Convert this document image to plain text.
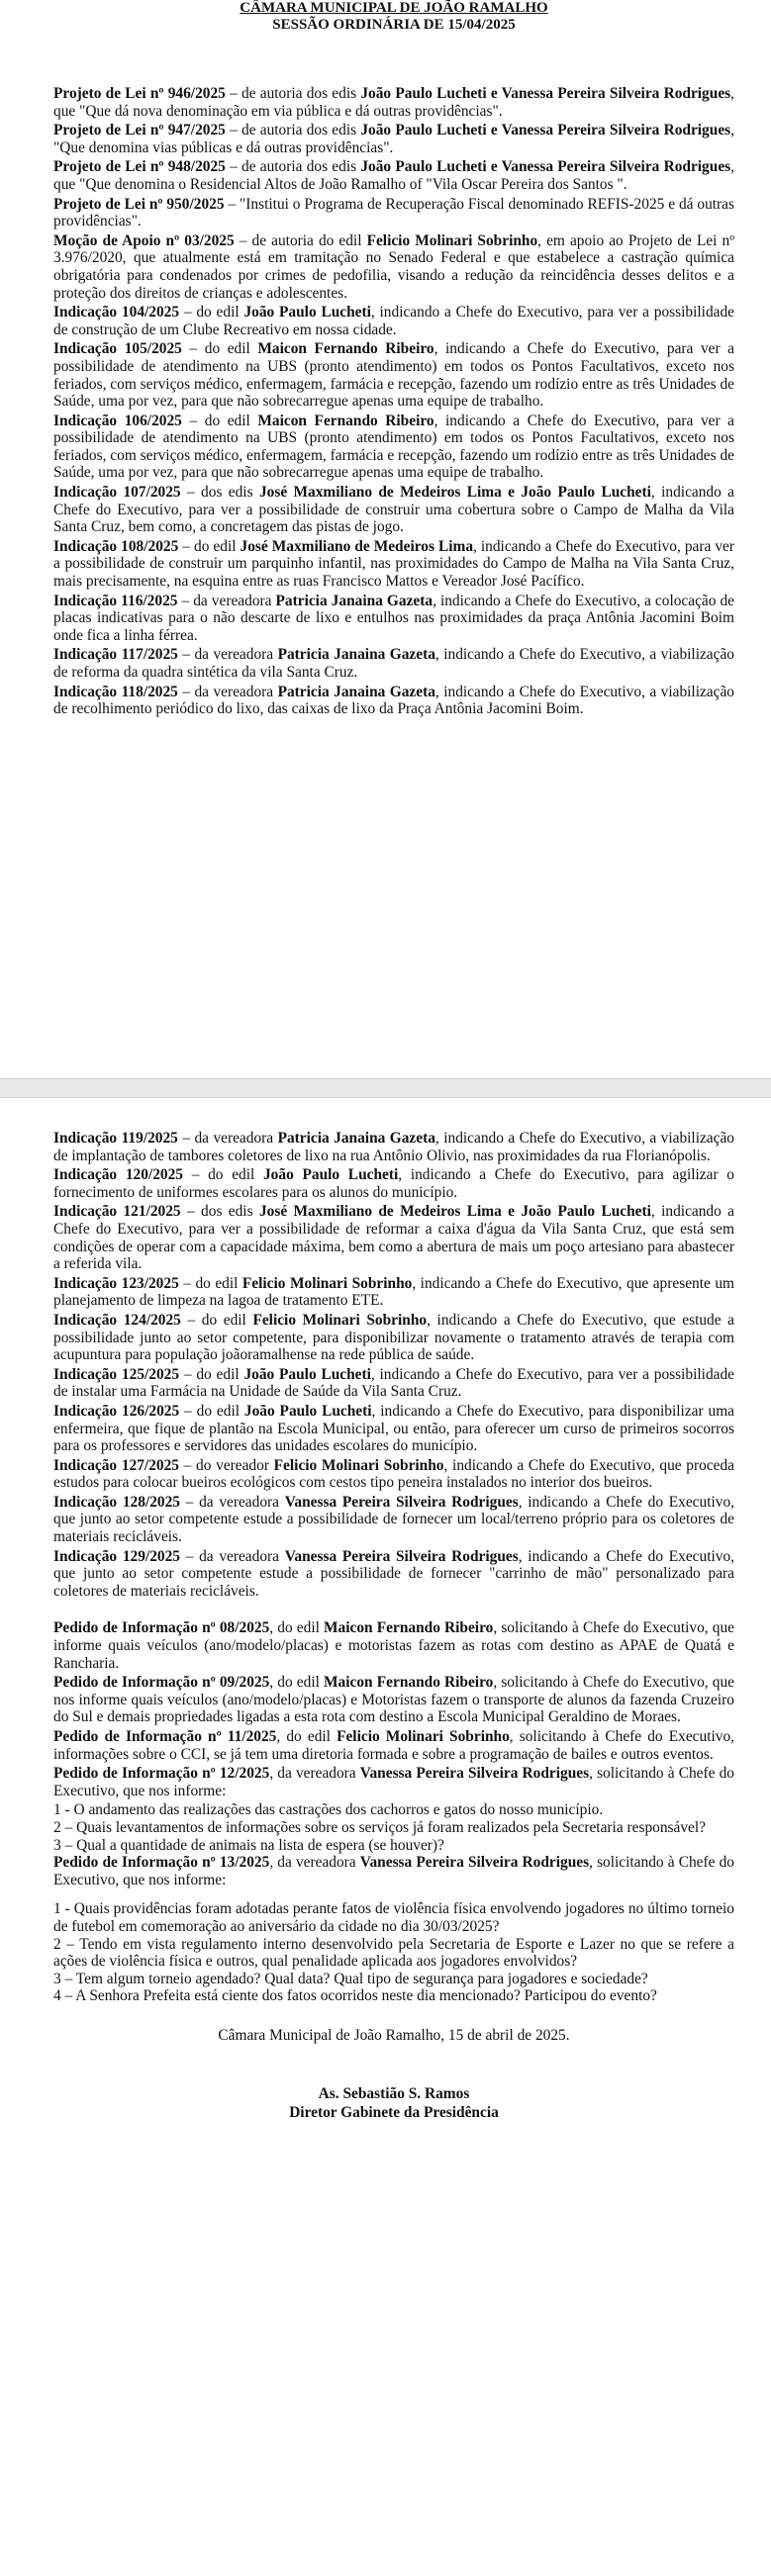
CÂMARA MUNICIPAL DE JOÃO RAMALHO
SESSÃO ORDINÁRIA DE 15/04/2025

Projeto de Lei nº 946/2025 – de autoria dos edis João Paulo Lucheti e Vanessa Pereira Silveira Rodrigues, que "Que dá nova denominação em via pública e dá outras providências".

Projeto de Lei nº 947/2025 – de autoria dos edis João Paulo Lucheti e Vanessa Pereira Silveira Rodrigues, "Que denomina vias públicas e dá outras providências".

Projeto de Lei nº 948/2025 – de autoria dos edis João Paulo Lucheti e Vanessa Pereira Silveira Rodrigues, que "Que denomina o Residencial Altos de João Ramalho of "Vila Oscar Pereira dos Santos ".

Projeto de Lei nº 950/2025 – "Institui o Programa de Recuperação Fiscal denominado REFIS-2025 e dá outras providências".

Moção de Apoio nº 03/2025 – de autoria do edil Felicio Molinari Sobrinho, em apoio ao Projeto de Lei nº 3.976/2020, que atualmente está em tramitação no Senado Federal e que estabelece a castração química obrigatória para condenados por crimes de pedofilia, visando a redução da reincidência desses delitos e a proteção dos direitos de crianças e adolescentes.

Indicação 104/2025 – do edil João Paulo Lucheti, indicando a Chefe do Executivo, para ver a possibilidade de construção de um Clube Recreativo em nossa cidade.

Indicação 105/2025 – do edil Maicon Fernando Ribeiro, indicando a Chefe do Executivo, para ver a possibilidade de atendimento na UBS (pronto atendimento) em todos os Pontos Facultativos, exceto nos feriados, com serviços médico, enfermagem, farmácia e recepção, fazendo um rodízio entre as três Unidades de Saúde, uma por vez, para que não sobrecarregue apenas uma equipe de trabalho.

Indicação 106/2025 – do edil Maicon Fernando Ribeiro, indicando a Chefe do Executivo, para ver a possibilidade de atendimento na UBS (pronto atendimento) em todos os Pontos Facultativos, exceto nos feriados, com serviços médico, enfermagem, farmácia e recepção, fazendo um rodízio entre as três Unidades de Saúde, uma por vez, para que não sobrecarregue apenas uma equipe de trabalho.

Indicação 107/2025 – dos edis José Maxmiliano de Medeiros Lima e João Paulo Lucheti, indicando a Chefe do Executivo, para ver a possibilidade de construir uma cobertura sobre o Campo de Malha da Vila Santa Cruz, bem como, a concretagem das pistas de jogo.

Indicação 108/2025 – do edil José Maxmiliano de Medeiros Lima, indicando a Chefe do Executivo, para ver a possibilidade de construir um parquinho infantil, nas proximidades do Campo de Malha na Vila Santa Cruz, mais precisamente, na esquina entre as ruas Francisco Mattos e Vereador José Pacífico.

Indicação 116/2025 – da vereadora Patricia Janaina Gazeta, indicando a Chefe do Executivo, a colocação de placas indicativas para o não descarte de lixo e entulhos nas proximidades da praça Antônia Jacomini Boim onde fica a linha férrea.

Indicação 117/2025 – da vereadora Patricia Janaina Gazeta, indicando a Chefe do Executivo, a viabilização de reforma da quadra sintética da vila Santa Cruz.

Indicação 118/2025 – da vereadora Patricia Janaina Gazeta, indicando a Chefe do Executivo, a viabilização de recolhimento periódico do lixo, das caixas de lixo da Praça Antônia Jacomini Boim.

Indicação 119/2025 – da vereadora Patricia Janaina Gazeta, indicando a Chefe do Executivo, a viabilização de implantação de tambores coletores de lixo na rua Antônio Olivio, nas proximidades da rua Florianópolis.

Indicação 120/2025 – do edil João Paulo Lucheti, indicando a Chefe do Executivo, para agilizar o fornecimento de uniformes escolares para os alunos do município.

Indicação 121/2025 – dos edis José Maxmiliano de Medeiros Lima e João Paulo Lucheti, indicando a Chefe do Executivo, para ver a possibilidade de reformar a caixa d'água da Vila Santa Cruz, que está sem condições de operar com a capacidade máxima, bem como a abertura de mais um poço artesiano para abastecer a referida vila.

Indicação 123/2025 – do edil Felicio Molinari Sobrinho, indicando a Chefe do Executivo, que apresente um planejamento de limpeza na lagoa de tratamento ETE.

Indicação 124/2025 – do edil Felicio Molinari Sobrinho, indicando a Chefe do Executivo, que estude a possibilidade junto ao setor competente, para disponibilizar novamente o tratamento através de terapia com acupuntura para população joãoramalhense na rede pública de saúde.

Indicação 125/2025 – do edil João Paulo Lucheti, indicando a Chefe do Executivo, para ver a possibilidade de instalar uma Farmácia na Unidade de Saúde da Vila Santa Cruz.

Indicação 126/2025 – do edil João Paulo Lucheti, indicando a Chefe do Executivo, para disponibilizar uma enfermeira, que fique de plantão na Escola Municipal, ou então, para oferecer um curso de primeiros socorros para os professores e servidores das unidades escolares do município.

Indicação 127/2025 – do vereador Felicio Molinari Sobrinho, indicando a Chefe do Executivo, que proceda estudos para colocar bueiros ecológicos com cestos tipo peneira instalados no interior dos bueiros.

Indicação 128/2025 – da vereadora Vanessa Pereira Silveira Rodrigues, indicando a Chefe do Executivo, que junto ao setor competente estude a possibilidade de fornecer um local/terreno próprio para os coletores de materiais recicláveis.

Indicação 129/2025 – da vereadora Vanessa Pereira Silveira Rodrigues, indicando a Chefe do Executivo, que junto ao setor competente estude a possibilidade de fornecer "carrinho de mão" personalizado para coletores de materiais recicláveis.

Pedido de Informação nº 08/2025, do edil Maicon Fernando Ribeiro, solicitando à Chefe do Executivo, que informe quais veículos (ano/modelo/placas) e motoristas fazem as rotas com destino as APAE de Quatá e Rancharia.

Pedido de Informação nº 09/2025, do edil Maicon Fernando Ribeiro, solicitando à Chefe do Executivo, que nos informe quais veículos (ano/modelo/placas) e Motoristas fazem o transporte de alunos da fazenda Cruzeiro do Sul e demais propriedades ligadas a esta rota com destino a Escola Municipal Geraldino de Moraes.

Pedido de Informação nº 11/2025, do edil Felicio Molinari Sobrinho, solicitando à Chefe do Executivo, informações sobre o CCI, se já tem uma diretoria formada e sobre a programação de bailes e outros eventos.

Pedido de Informação nº 12/2025, da vereadora Vanessa Pereira Silveira Rodrigues, solicitando à Chefe do Executivo, que nos informe:

1 - O andamento das realizações das castrações dos cachorros e gatos do nosso município.

2 – Quais levantamentos de informações sobre os serviços já foram realizados pela Secretaria responsável?

3 – Qual a quantidade de animais na lista de espera (se houver)?

Pedido de Informação nº 13/2025, da vereadora Vanessa Pereira Silveira Rodrigues, solicitando à Chefe do Executivo, que nos informe:

1 - Quais providências foram adotadas perante fatos de violência física envolvendo jogadores no último torneio de futebol em comemoração ao aniversário da cidade no dia 30/03/2025?

2 – Tendo em vista regulamento interno desenvolvido pela Secretaria de Esporte e Lazer no que se refere a ações de violência física e outros, qual penalidade aplicada aos jogadores envolvidos?

3 – Tem algum torneio agendado? Qual data? Qual tipo de segurança para jogadores e sociedade?

4 – A Senhora Prefeita está ciente dos fatos ocorridos neste dia mencionado? Participou do evento?

Câmara Municipal de João Ramalho, 15 de abril de 2025.
As. Sebastião S. Ramos
Diretor Gabinete da Presidência
